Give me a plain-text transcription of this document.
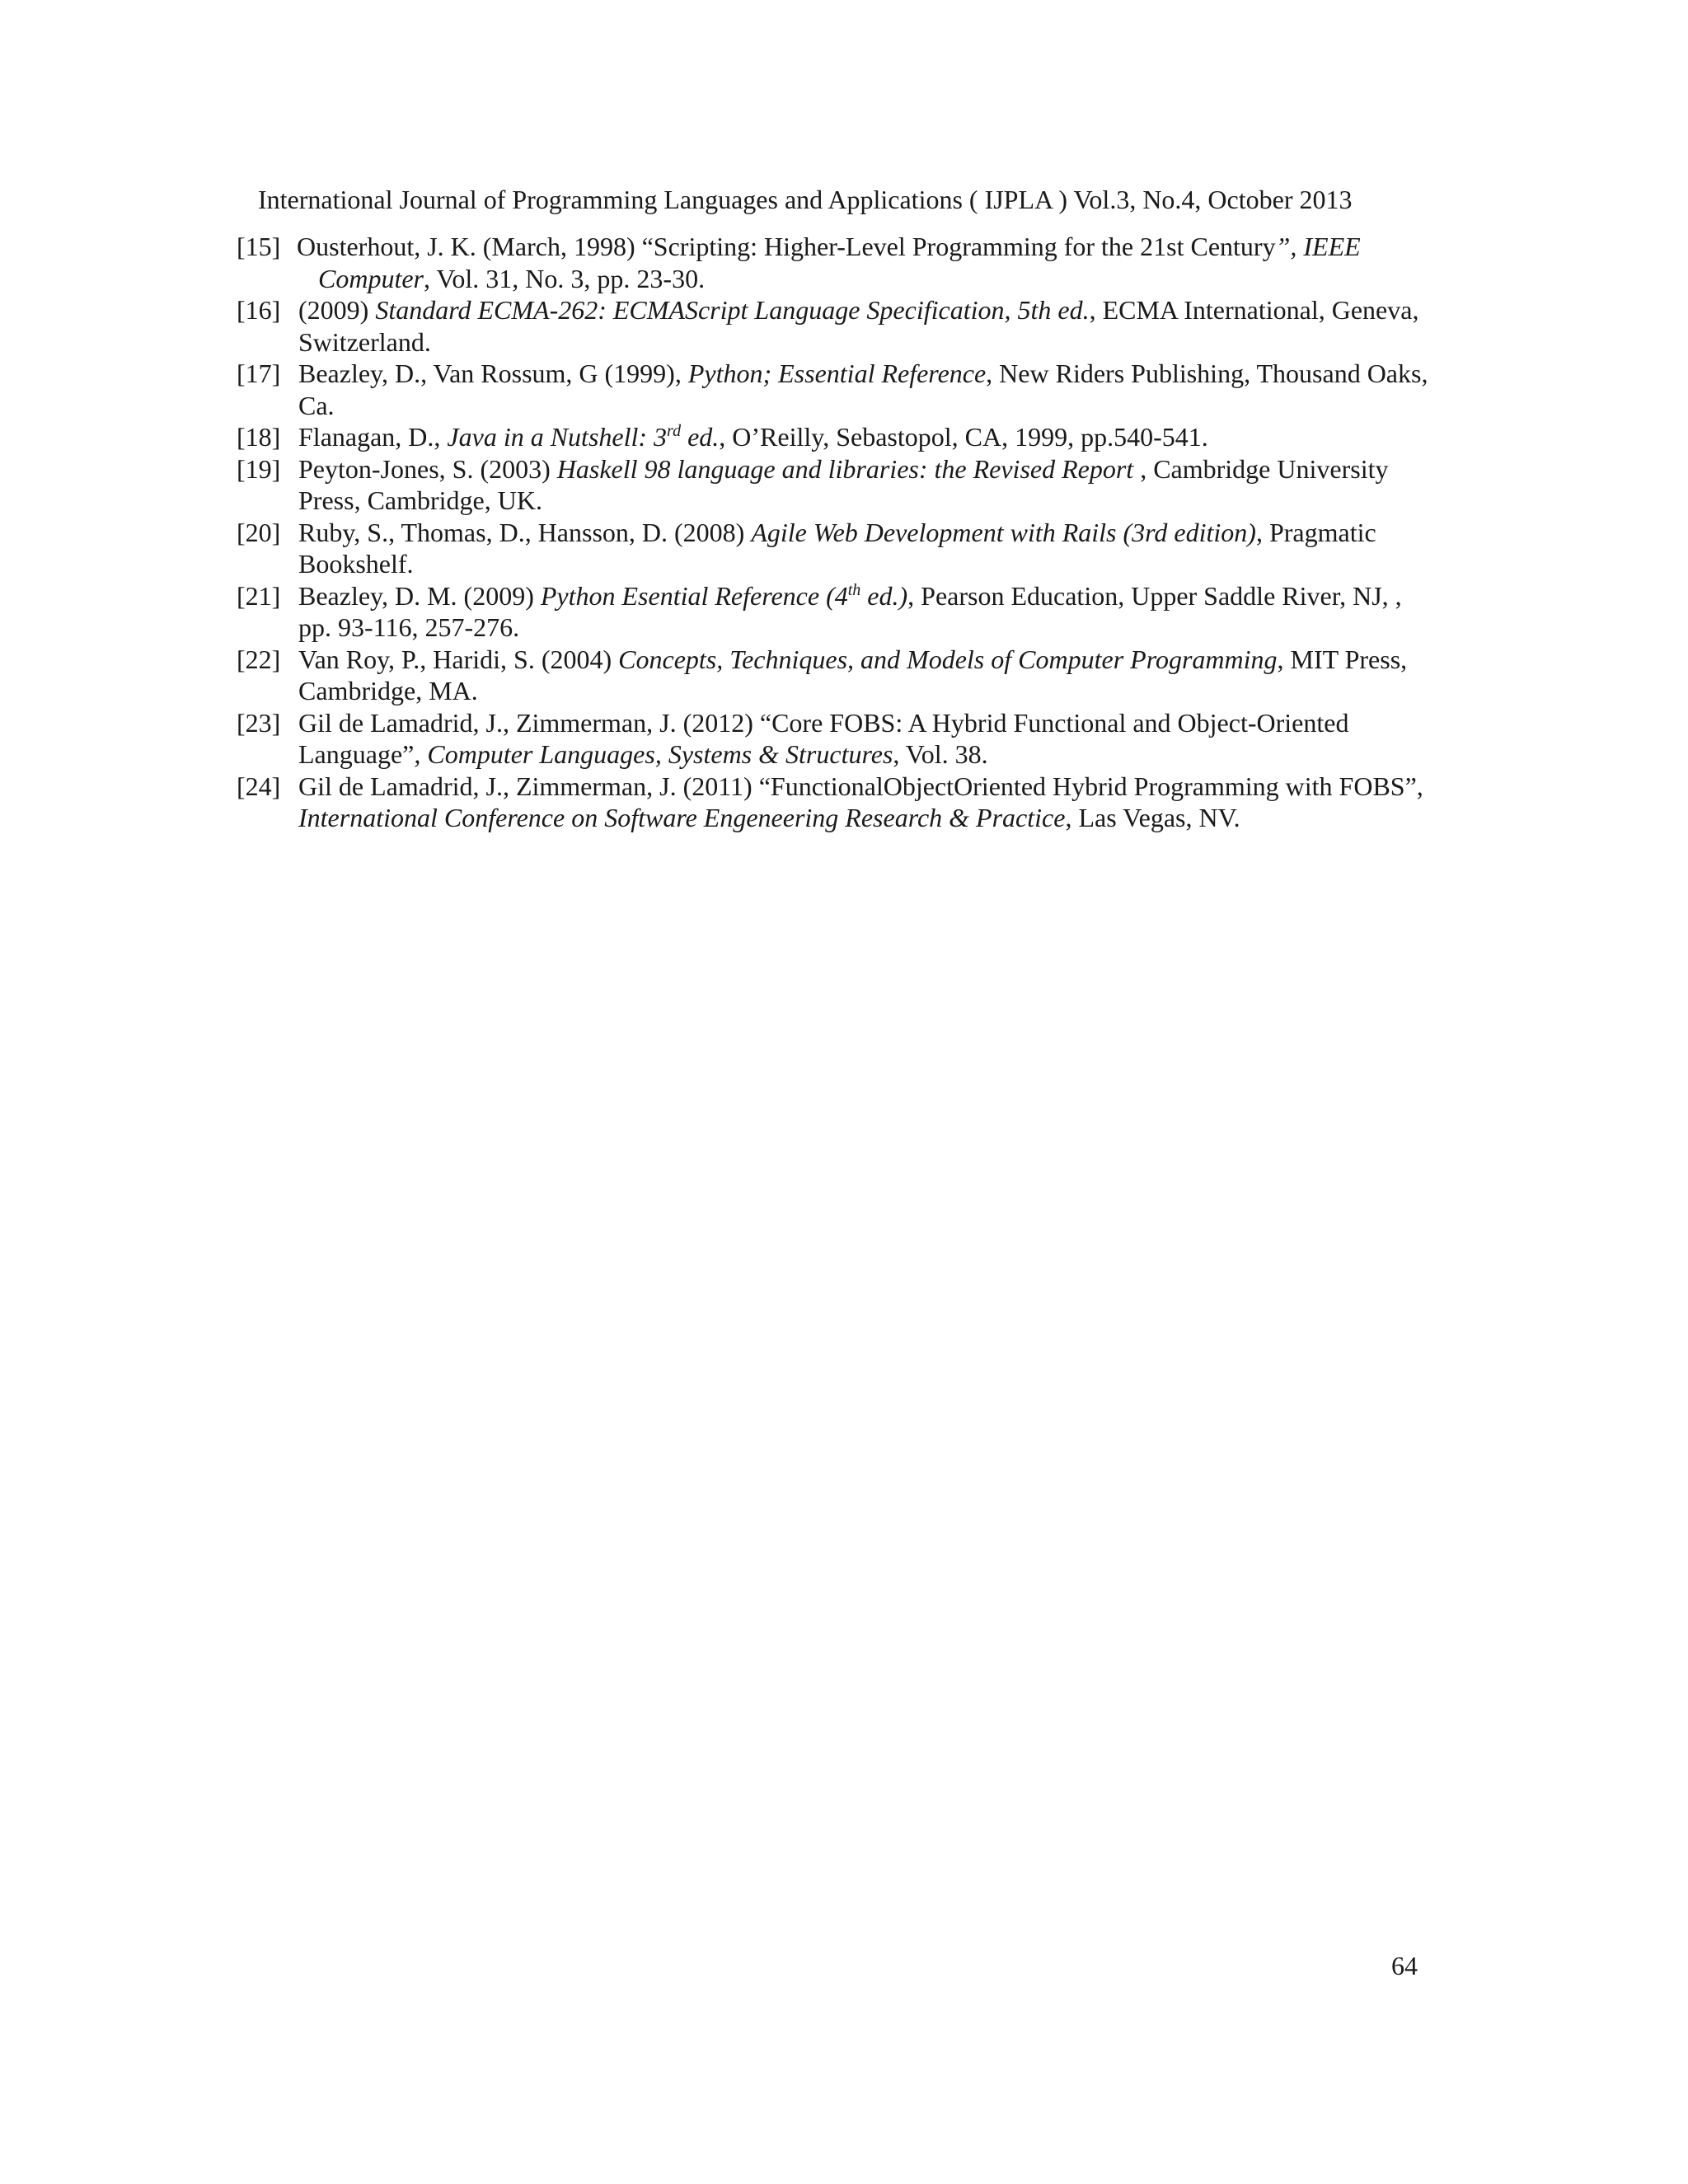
International Journal of Programming Languages and Applications ( IJPLA ) Vol.3, No.4, October 2013
[15] Ousterhout, J. K. (March, 1998) “Scripting: Higher-Level Programming for the 21st Century”, IEEE
Computer, Vol. 31, No. 3, pp. 23-30.
[16] (2009) Standard ECMA-262: ECMAScript Language Specification, 5th ed., ECMA International, Geneva, Switzerland.
[17] Beazley, D., Van Rossum, G (1999), Python; Essential Reference, New Riders Publishing, Thousand Oaks, Ca.
[18] Flanagan, D., Java in a Nutshell: 3rd ed., O’Reilly, Sebastopol, CA, 1999, pp.540-541.
[19] Peyton-Jones, S. (2003) Haskell 98 language and libraries: the Revised Report , Cambridge University Press, Cambridge, UK.
[20] Ruby, S., Thomas, D., Hansson, D. (2008) Agile Web Development with Rails (3rd edition), Pragmatic Bookshelf.
[21] Beazley, D. M. (2009) Python Esential Reference (4th ed.), Pearson Education, Upper Saddle River, NJ, , pp. 93-116, 257-276.
[22] Van Roy, P., Haridi, S. (2004) Concepts, Techniques, and Models of Computer Programming, MIT Press, Cambridge, MA.
[23] Gil de Lamadrid, J., Zimmerman, J. (2012) “Core FOBS: A Hybrid Functional and Object-Oriented Language”, Computer Languages, Systems & Structures, Vol. 38.
[24] Gil de Lamadrid, J., Zimmerman, J. (2011) “FunctionalObjectOriented Hybrid Programming with FOBS”, International Conference on Software Engeneering Research & Practice, Las Vegas, NV.
64
